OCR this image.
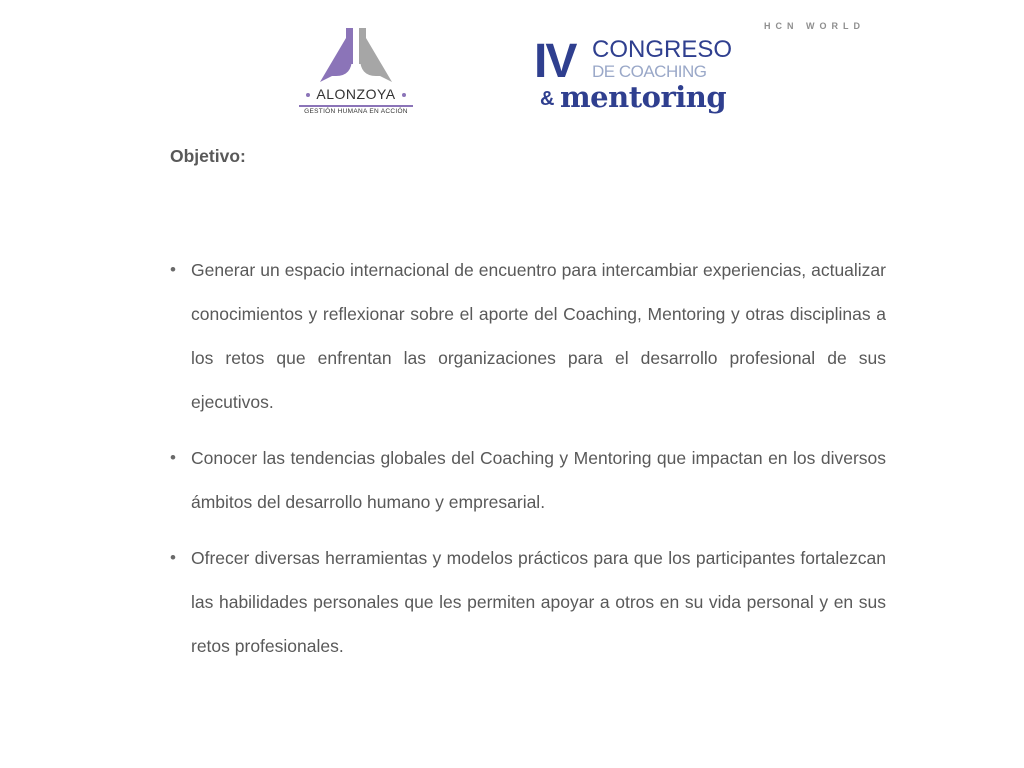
HCN WORLD
ALONZOYA
GESTIÓN HUMANA EN ACCIÓN
IV CONGRESO
DE COACHING
& mentoring
Objetivo:
• Generar un espacio internacional de encuentro para intercambiar experiencias, actualizar conocimientos y reflexionar sobre el aporte del Coaching, Mentoring y otras disciplinas a los retos que enfrentan las organizaciones para el desarrollo profesional de sus ejecutivos.
• Conocer las tendencias globales del Coaching y Mentoring que impactan en los diversos ámbitos del desarrollo humano y empresarial.
• Ofrecer diversas herramientas y modelos prácticos para que los participantes fortalezcan las habilidades personales que les permiten apoyar a otros en su vida personal y en sus retos profesionales.
